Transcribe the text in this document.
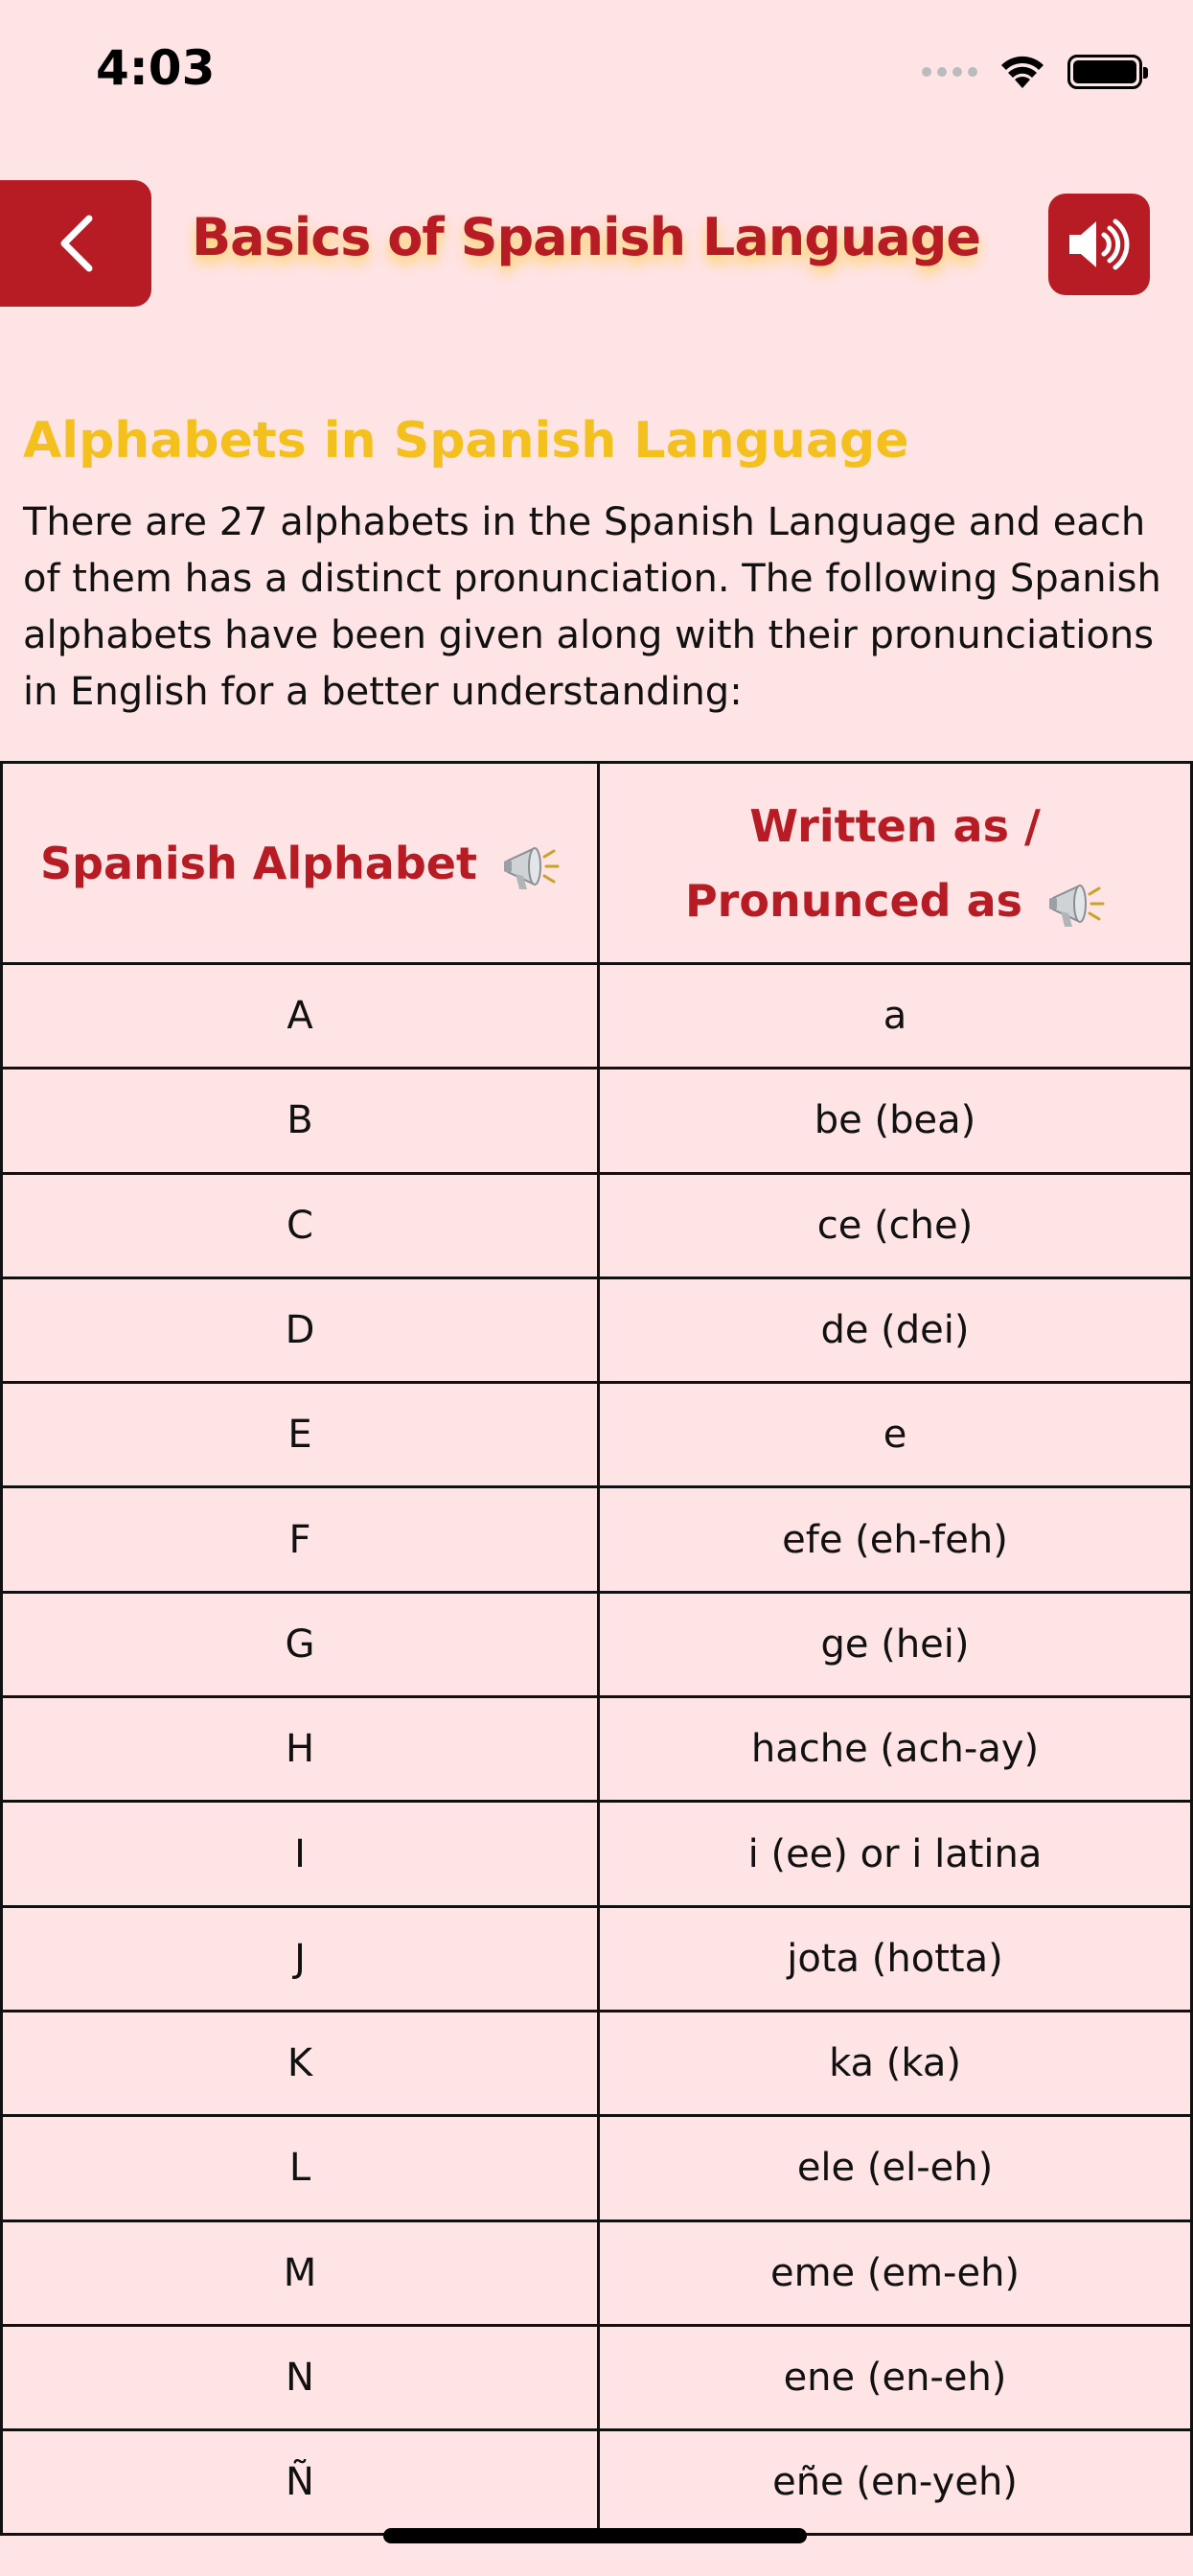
4:03
Basics of Spanish Language
Alphabets in Spanish Language
There are 27 alphabets in the Spanish Language and each of them has a distinct pronunciation. The following Spanish alphabets have been given along with their pronunciations in English for a better understanding:
Spanish Alphabet	Written as / Pronunced as
A	a
B	be (bea)
C	ce (che)
D	de (dei)
E	e
F	efe (eh-feh)
G	ge (hei)
H	hache (ach-ay)
I	i (ee) or i latina
J	jota (hotta)
K	ka (ka)
L	ele (el-eh)
M	eme (em-eh)
N	ene (en-eh)
Ñ	eñe (en-yeh)
